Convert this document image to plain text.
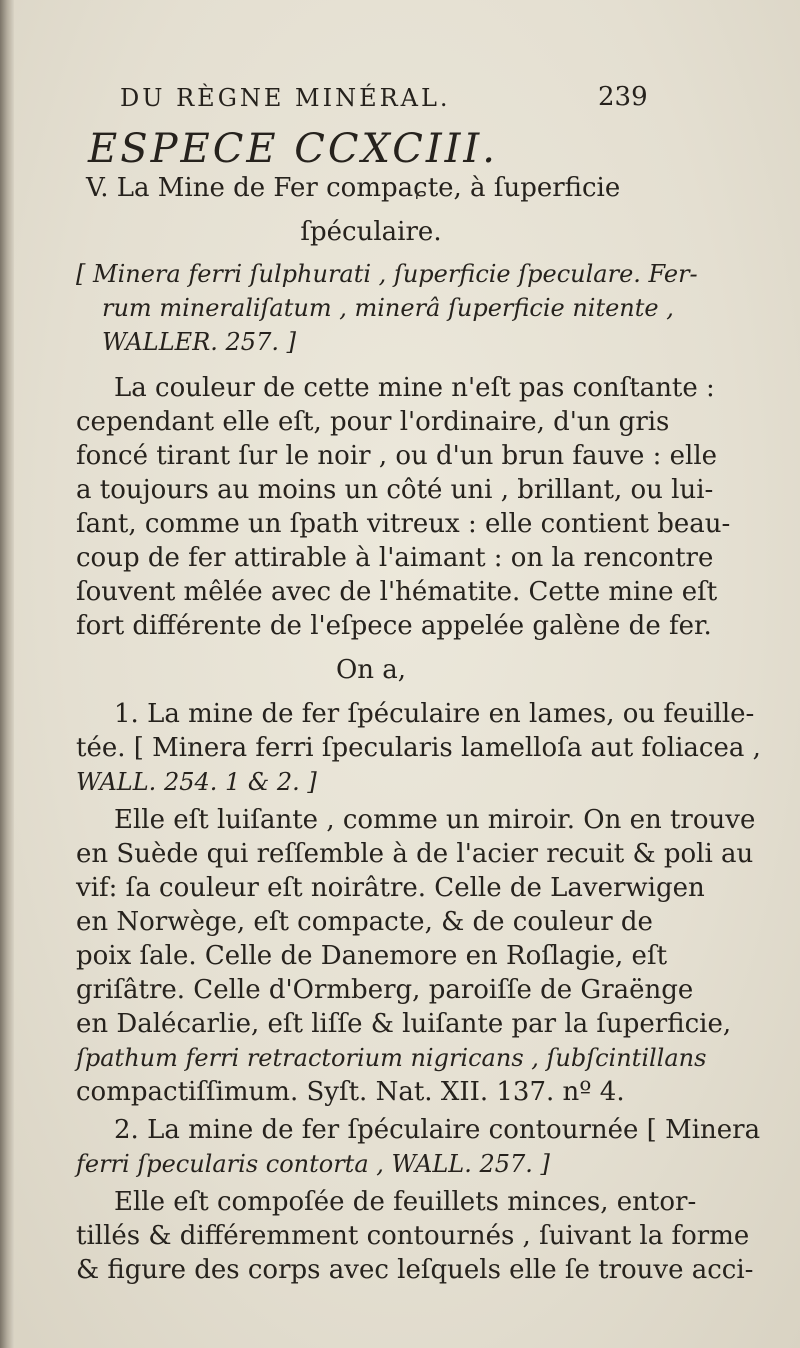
DU RÈGNE MINÉRAL.	239
ESPECE CCXCIII.
V. La Mine de Fer compaɕte, à ſuperficie
ſpéculaire.
[ Minera ferri ſulphurati , ſuperficie ſpeculare. Fer-
rum mineraliſatum , minerâ ſuperficie nitente ,
WALLER. 257. ]
La couleur de cette mine n'eſt pas conſtante :
cependant elle eſt, pour l'ordinaire, d'un gris
foncé tirant ſur le noir , ou d'un brun fauve : elle
a toujours au moins un côté uni , brillant, ou lui-
ſant, comme un ſpath vitreux : elle contient beau-
coup de fer attirable à l'aimant : on la rencontre
ſouvent mêlée avec de l'hématite. Cette mine eſt
fort différente de l'eſpece appelée galène de fer.
On a,
1. La mine de fer ſpéculaire en lames, ou feuille-
tée. [ Minera ferri ſpecularis lamelloſa aut foliacea ,
WALL. 254. 1 & 2. ]
Elle eſt luiſante , comme un miroir. On en trouve
en Suède qui reſſemble à de l'acier recuit & poli au
vif: ſa couleur eſt noirâtre. Celle de Laverwigen
en Norwège, eſt compacte, & de couleur de
poix ſale. Celle de Danemore en Roſlagie, eſt
griſâtre. Celle d'Ormberg, paroiſſe de Graënge
en Dalécarlie, eſt liſſe & luiſante par la ſuperficie,
ſpathum ferri retractorium nigricans , ſubſcintillans
compactiſſimum. Syſt. Nat. XII. 137. nº 4.
2. La mine de fer ſpéculaire contournée [ Minera
ferri ſpecularis contorta , WALL. 257. ]
Elle eſt compoſée de feuillets minces, entor-
tillés & différemment contournés , ſuivant la forme
& figure des corps avec leſquels elle ſe trouve acci-
